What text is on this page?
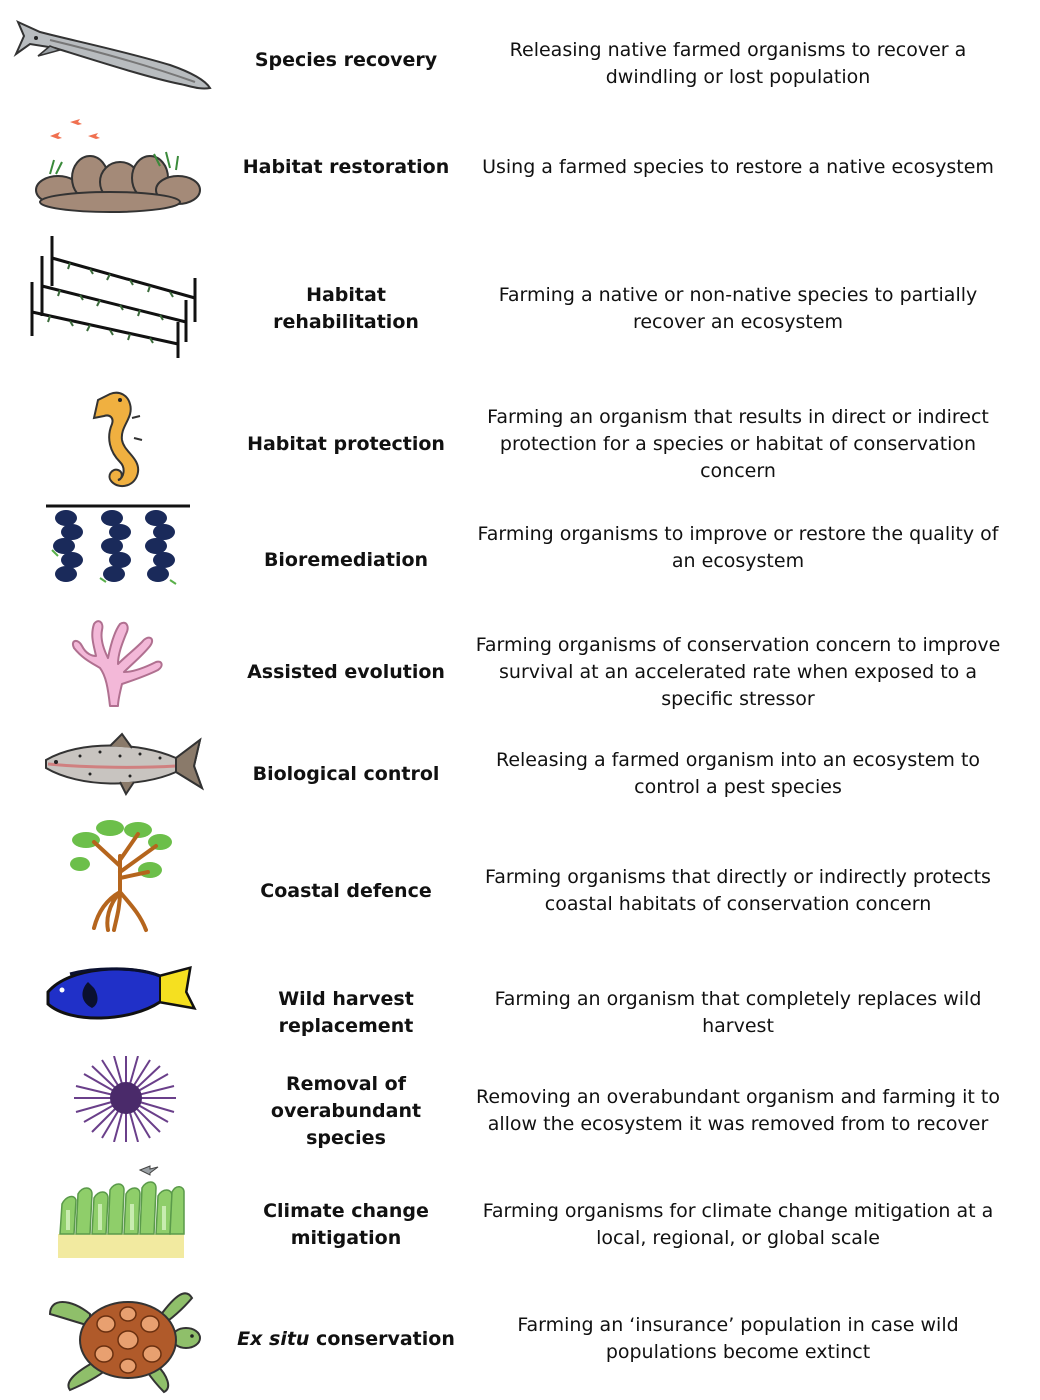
Species recovery	Releasing native farmed organisms to recover a dwindling or lost population
Habitat restoration	Using a farmed species to restore a native ecosystem
Habitat rehabilitation
Farming a native or non-native species to partially recover an ecosystem
Habitat protection
Farming an organism that results in direct or indirect protection for a species or habitat of conservation concern
Bioremediation
Farming organisms to improve or restore the quality of an ecosystem
Assisted evolution
Farming organisms of conservation concern to improve survival at an accelerated rate when exposed to a specific stressor
Biological control
Releasing a farmed organism into an ecosystem to control a pest species
Coastal defence
Farming organisms that directly or indirectly protects coastal habitats of conservation concern
Wild harvest replacement
Farming an organism that completely replaces wild harvest
Removal of overabundant species
Removing an overabundant organism and farming it to allow the ecosystem it was removed from to recover
Climate change mitigation
Farming organisms for climate change mitigation at a local, regional, or global scale
Ex situ conservation
Farming an ‘insurance’ population in case wild populations become extinct
